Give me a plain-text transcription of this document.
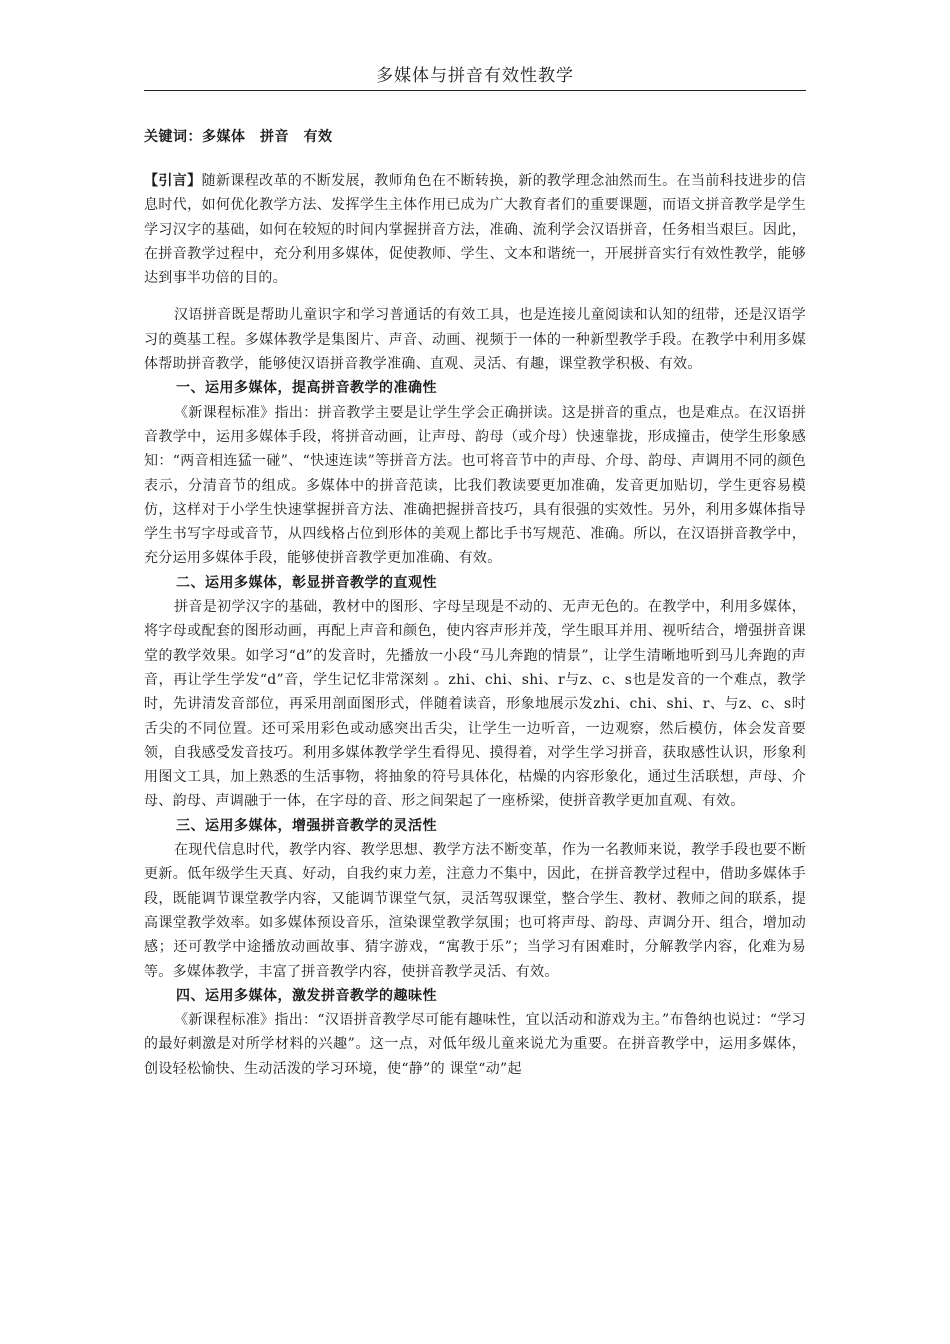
多媒体与拼音有效性教学
关键词：多媒体　拼音　有效

【引言】随新课程改革的不断发展，教师角色在不断转换，新的教学理念油然而生。在当前科技进步的信息时代，如何优化教学方法、发挥学生主体作用已成为广大教育者们的重要课题，而语文拼音教学是学生学习汉字的基础，如何在较短的时间内掌握拼音方法，准确、流利学会汉语拼音，任务相当艰巨。因此，在拼音教学过程中，充分利用多媒体，促使教师、学生、文本和谐统一，开展拼音实行有效性教学，能够达到事半功倍的目的。

汉语拼音既是帮助儿童识字和学习普通话的有效工具，也是连接儿童阅读和认知的纽带，还是汉语学习的奠基工程。多媒体教学是集图片、声音、动画、视频于一体的一种新型教学手段。在教学中利用多媒体帮助拼音教学，能够使汉语拼音教学准确、直观、灵活、有趣，课堂教学积极、有效。

一、运用多媒体，提高拼音教学的准确性

《新课程标准》指出：拼音教学主要是让学生学会正确拼读。这是拼音的重点，也是难点。在汉语拼音教学中，运用多媒体手段，将拼音动画，让声母、韵母（或介母）快速靠拢，形成撞击，使学生形象感知：“两音相连猛一碰”、“快速连读”等拼音方法。也可将音节中的声母、介母、韵母、声调用不同的颜色表示，分清音节的组成。多媒体中的拼音范读，比我们教读要更加准确，发音更加贴切，学生更容易模仿，这样对于小学生快速掌握拼音方法、准确把握拼音技巧，具有很强的实效性。另外，利用多媒体指导学生书写字母或音节，从四线格占位到形体的美观上都比手书写规范、准确。所以，在汉语拼音教学中，充分运用多媒体手段，能够使拼音教学更加准确、有效。

二、运用多媒体，彰显拼音教学的直观性

拼音是初学汉字的基础，教材中的图形、字母呈现是不动的、无声无色的。在教学中，利用多媒体，将字母或配套的图形动画，再配上声音和颜色，使内容声形并茂，学生眼耳并用、视听结合，增强拼音课堂的教学效果。如学习“d”的发音时，先播放一小段“马儿奔跑的情景”，让学生清晰地听到马儿奔跑的声音，再让学生学发“d”音，学生记忆非常深刻 。zhi、chi、shi、r与z、c、s也是发音的一个难点，教学时，先讲清发音部位，再采用剖面图形式，伴随着读音，形象地展示发zhi、chi、shi、r、与z、c、s时舌尖的不同位置。还可采用彩色或动感突出舌尖，让学生一边听音，一边观察，然后模仿，体会发音要领，自我感受发音技巧。利用多媒体教学学生看得见、摸得着，对学生学习拼音，获取感性认识，形象利用图文工具，加上熟悉的生活事物，将抽象的符号具体化，枯燥的内容形象化，通过生活联想，声母、介母、韵母、声调融于一体，在字母的音、形之间架起了一座桥梁，使拼音教学更加直观、有效。

三、运用多媒体，增强拼音教学的灵活性

在现代信息时代，教学内容、教学思想、教学方法不断变革，作为一名教师来说，教学手段也要不断更新。低年级学生天真、好动，自我约束力差，注意力不集中，因此，在拼音教学过程中，借助多媒体手段，既能调节课堂教学内容，又能调节课堂气氛，灵活驾驭课堂，整合学生、教材、教师之间的联系，提高课堂教学效率。如多媒体预设音乐，渲染课堂教学氛围；也可将声母、韵母、声调分开、组合，增加动感；还可教学中途播放动画故事、猜字游戏，“寓教于乐”；当学习有困难时，分解教学内容，化难为易等。多媒体教学，丰富了拼音教学内容，使拼音教学灵活、有效。

四、运用多媒体，激发拼音教学的趣味性

《新课程标准》指出：“汉语拼音教学尽可能有趣味性，宜以活动和游戏为主。”布鲁纳也说过：“学习的最好刺激是对所学材料的兴趣”。这一点，对低年级儿童来说尤为重要。在拼音教学中，运用多媒体，创设轻松愉快、生动活泼的学习环境，使“静”的 课堂“动”起
